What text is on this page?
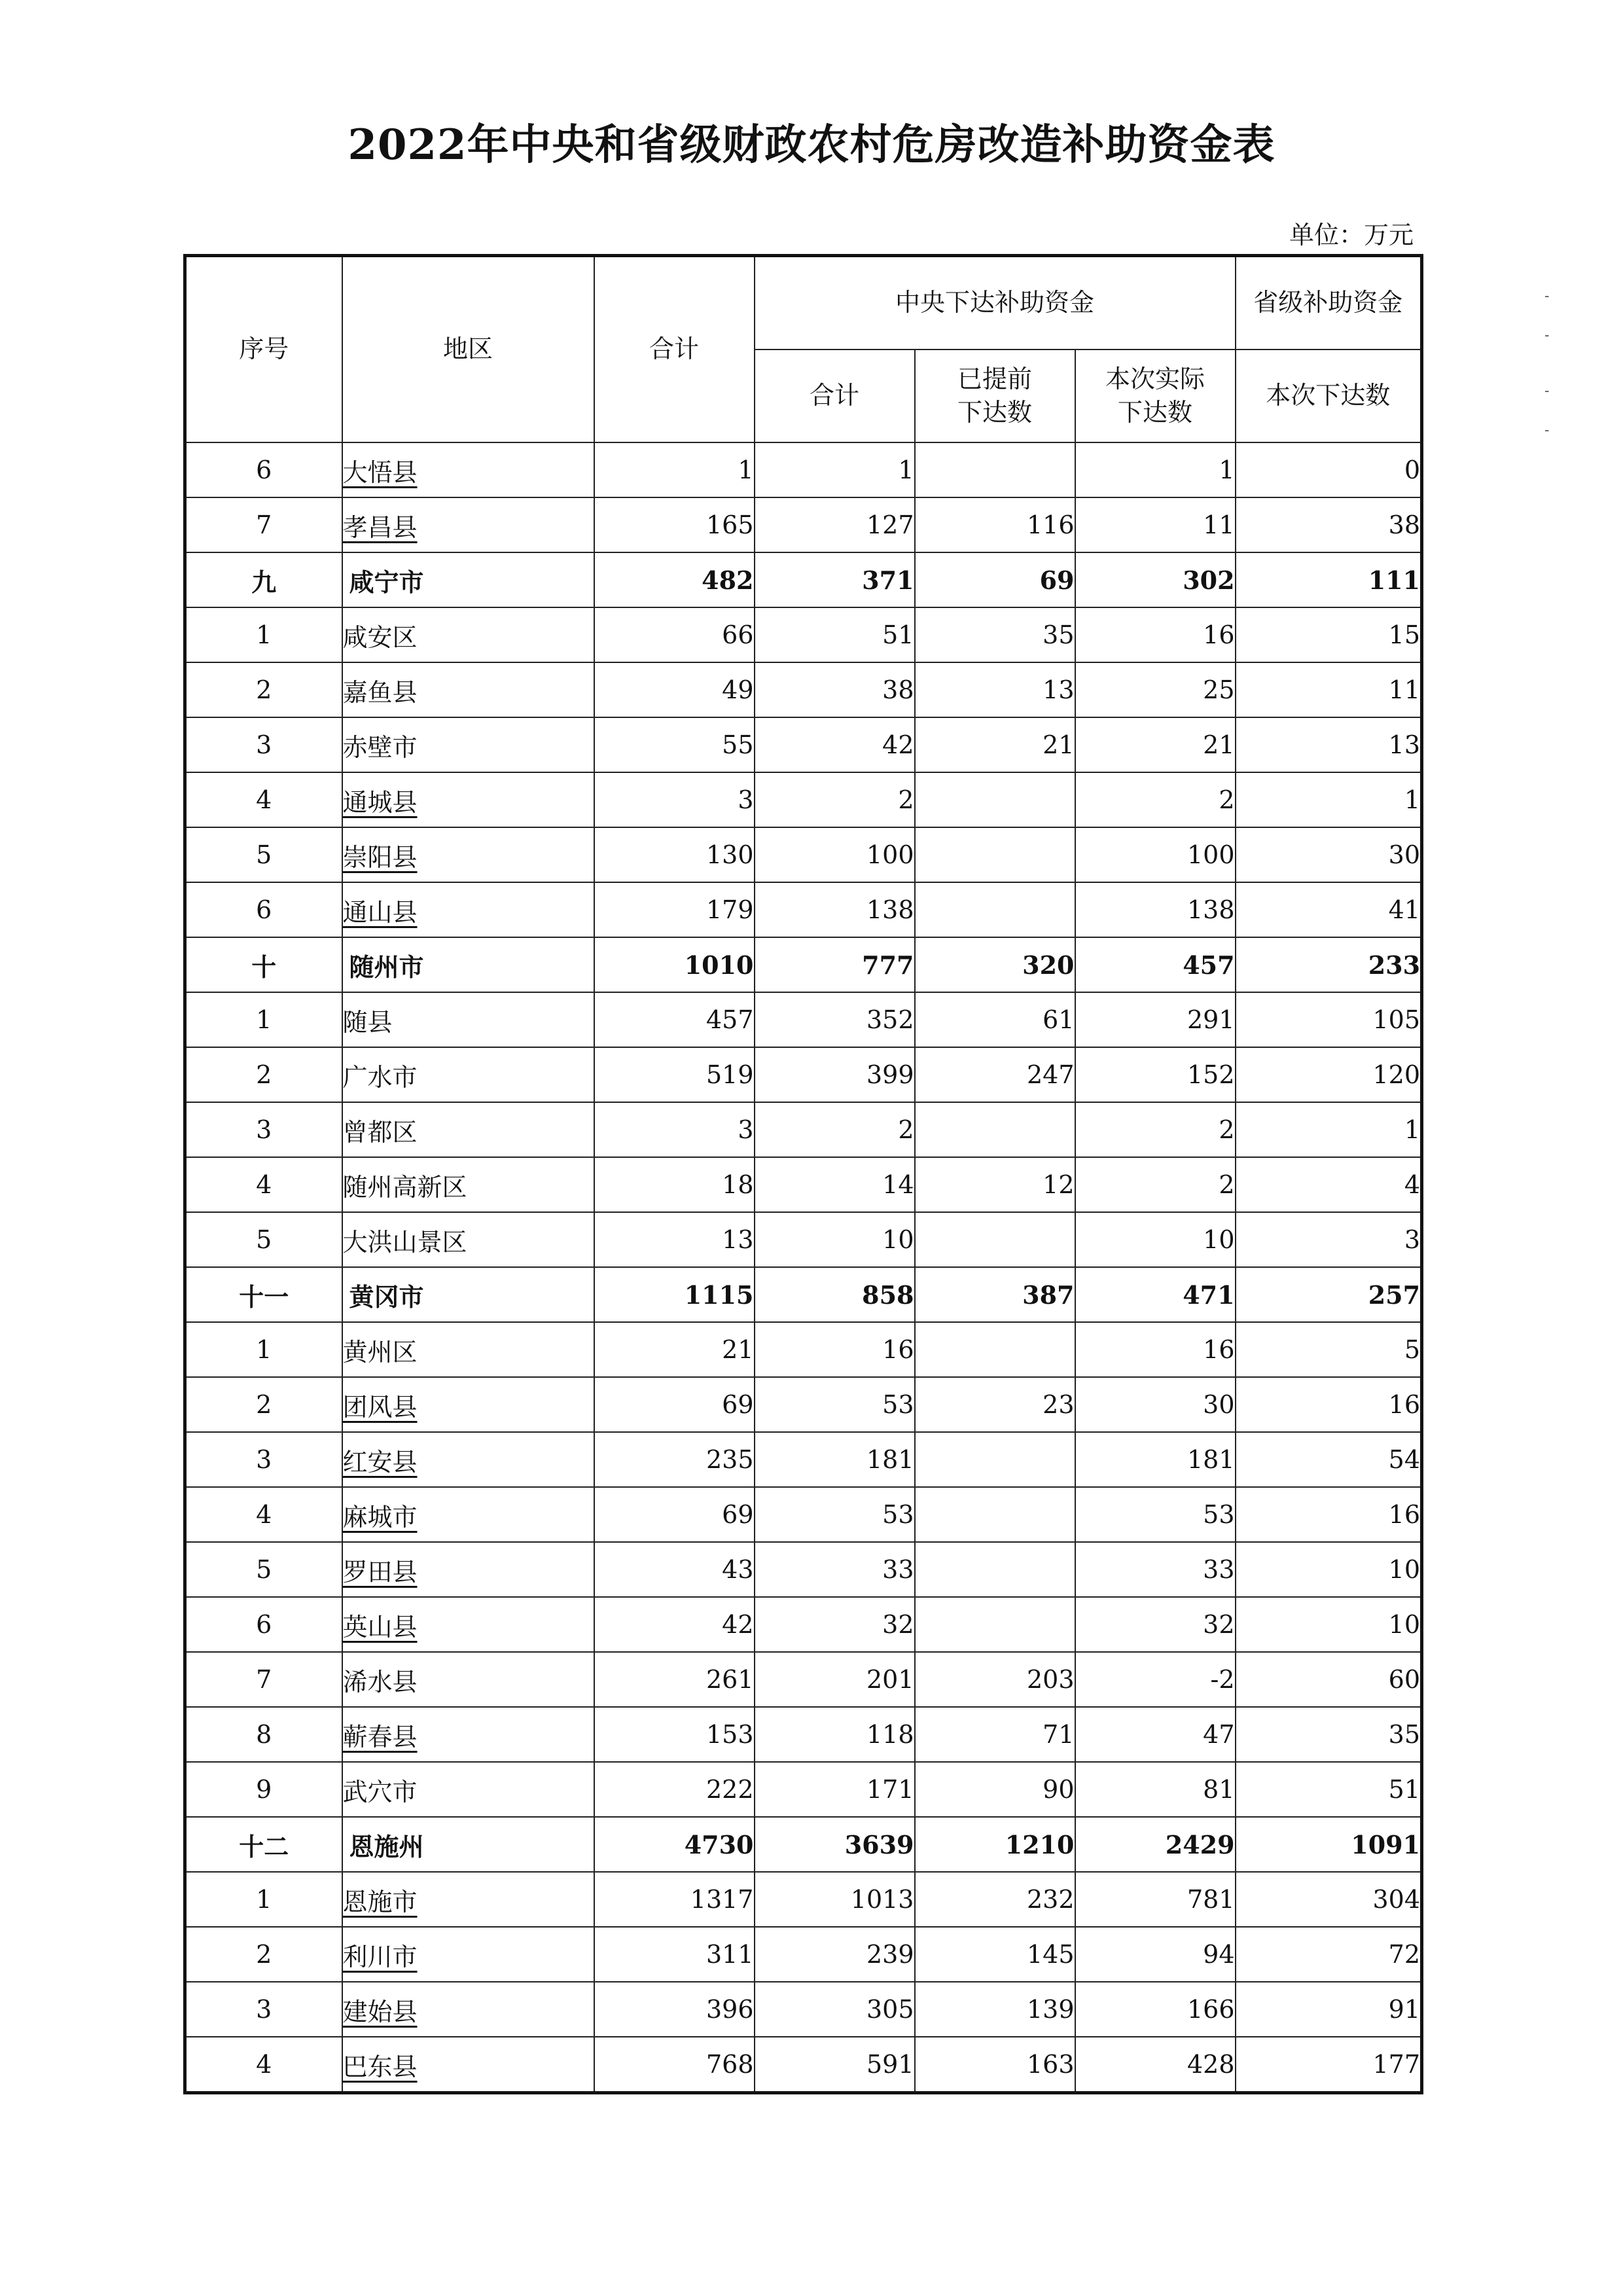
2022年中央和省级财政农村危房改造补助资金表
单位：万元
序号	地区	合计	中央下达补助资金			省级补助资金
			合计	已提前下达数	本次实际下达数	本次下达数
6	大悟县	1	1		1	0
7	孝昌县	165	127	116	11	38
九	咸宁市	482	371	69	302	111
1	咸安区	66	51	35	16	15
2	嘉鱼县	49	38	13	25	11
3	赤壁市	55	42	21	21	13
4	通城县	3	2		2	1
5	崇阳县	130	100		100	30
6	通山县	179	138		138	41
十	随州市	1010	777	320	457	233
1	随县	457	352	61	291	105
2	广水市	519	399	247	152	120
3	曾都区	3	2		2	1
4	随州高新区	18	14	12	2	4
5	大洪山景区	13	10		10	3
十一	黄冈市	1115	858	387	471	257
1	黄州区	21	16		16	5
2	团风县	69	53	23	30	16
3	红安县	235	181		181	54
4	麻城市	69	53		53	16
5	罗田县	43	33		33	10
6	英山县	42	32		32	10
7	浠水县	261	201	203	-2	60
8	蕲春县	153	118	71	47	35
9	武穴市	222	171	90	81	51
十二	恩施州	4730	3639	1210	2429	1091
1	恩施市	1317	1013	232	781	304
2	利川市	311	239	145	94	72
3	建始县	396	305	139	166	91
4	巴东县	768	591	163	428	177
-
-
-
-
